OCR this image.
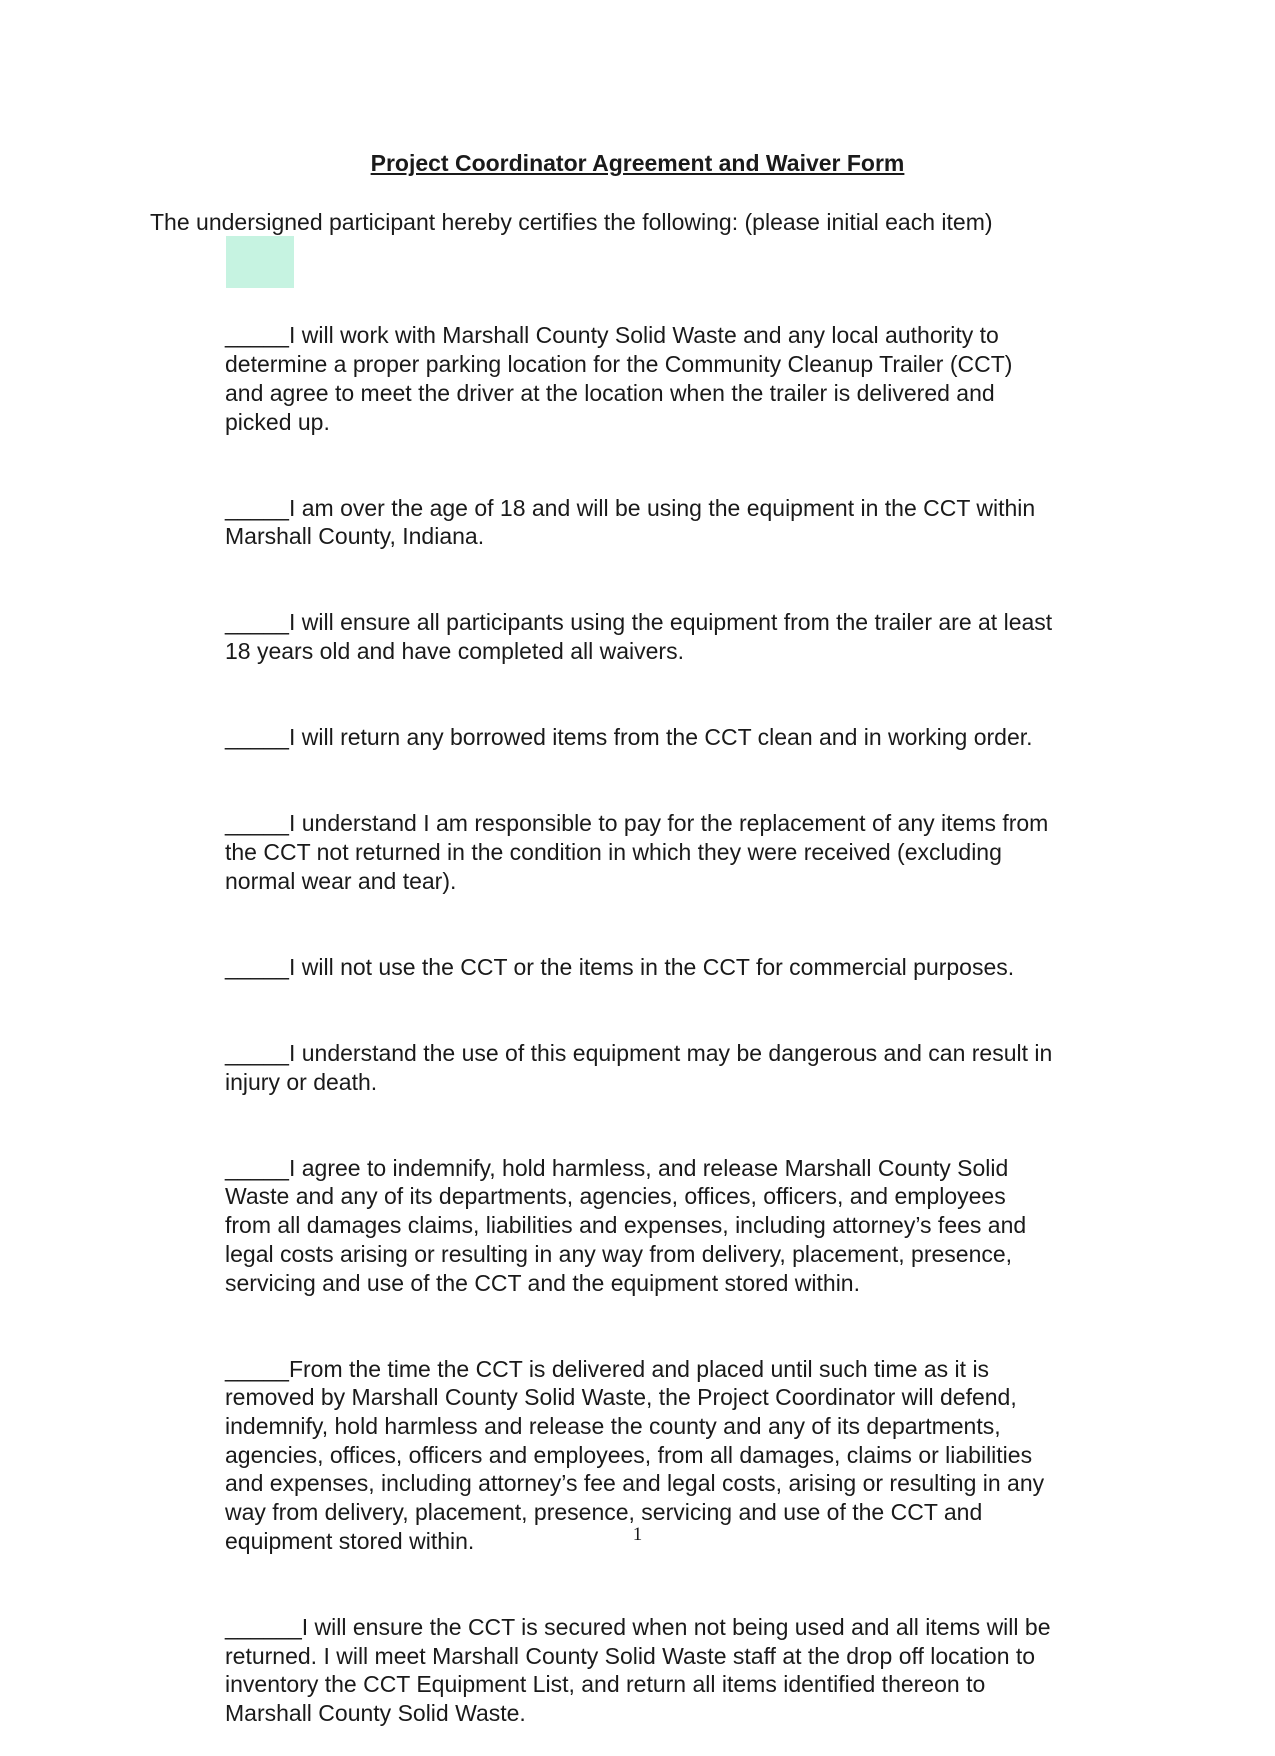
Project Coordinator Agreement and Waiver Form
The undersigned participant hereby certifies the following: (please initial each item)

_____I will work with Marshall County Solid Waste and any local authority to
determine a proper parking location for the Community Cleanup Trailer (CCT)
and agree to meet the driver at the location when the trailer is delivered and
picked up.

_____I am over the age of 18 and will be using the equipment in the CCT within
Marshall County, Indiana.

_____I will ensure all participants using the equipment from the trailer are at least
18 years old and have completed all waivers.

_____I will return any borrowed items from the CCT clean and in working order.

_____I understand I am responsible to pay for the replacement of any items from
the CCT not returned in the condition in which they were received (excluding
normal wear and tear).

_____I will not use the CCT or the items in the CCT for commercial purposes.

_____I understand the use of this equipment may be dangerous and can result in
injury or death.

_____I agree to indemnify, hold harmless, and release Marshall County Solid
Waste and any of its departments, agencies, offices, officers, and employees
from all damages claims, liabilities and expenses, including attorney’s fees and
legal costs arising or resulting in any way from delivery, placement, presence,
servicing and use of the CCT and the equipment stored within.

_____From the time the CCT is delivered and placed until such time as it is
removed by Marshall County Solid Waste, the Project Coordinator will defend,
indemnify, hold harmless and release the county and any of its departments,
agencies, offices, officers and employees, from all damages, claims or liabilities
and expenses, including attorney’s fee and legal costs, arising or resulting in any
way from delivery, placement, presence, servicing and use of the CCT and
equipment stored within.

______I will ensure the CCT is secured when not being used and all items will be
returned. I will meet Marshall County Solid Waste staff at the drop off location to
inventory the CCT Equipment List, and return all items identified thereon to
Marshall County Solid Waste.

1
